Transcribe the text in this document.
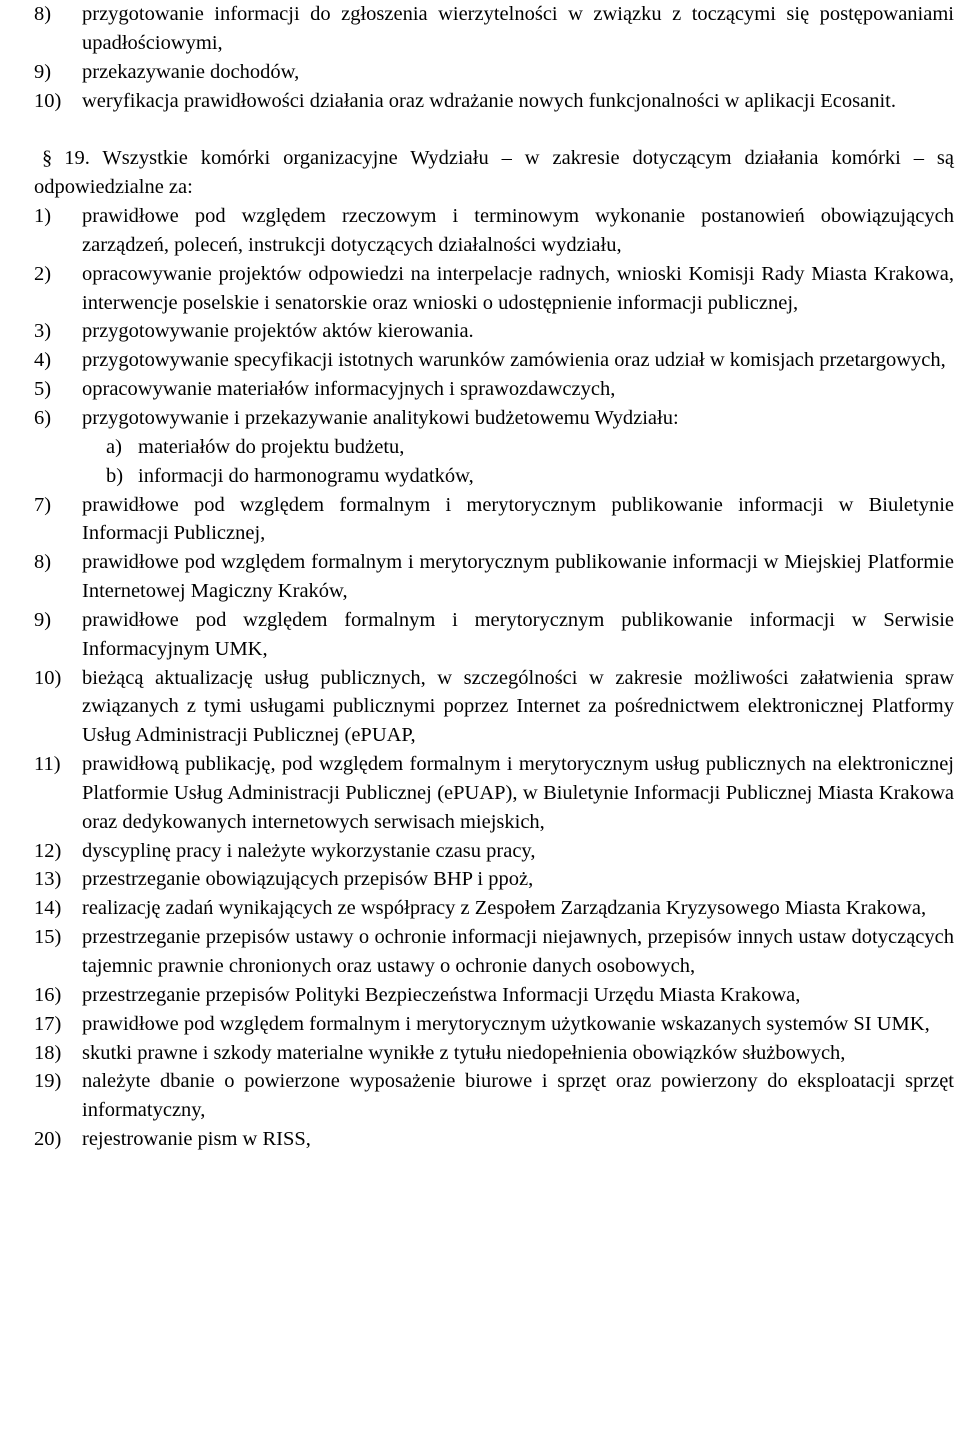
8)	przygotowanie informacji do zgłoszenia wierzytelności w związku z toczącymi się postępowaniami upadłościowymi,
9)	przekazywanie dochodów,
10)	weryfikacja prawidłowości działania oraz wdrażanie nowych funkcjonalności w aplikacji Ecosanit.
§ 19. Wszystkie komórki organizacyjne Wydziału – w zakresie dotyczącym działania komórki – są odpowiedzialne za:
1)	prawidłowe pod względem rzeczowym i terminowym wykonanie postanowień obowiązujących zarządzeń, poleceń, instrukcji dotyczących działalności wydziału,
2)	opracowywanie projektów odpowiedzi na interpelacje radnych, wnioski Komisji Rady Miasta Krakowa, interwencje poselskie i senatorskie oraz wnioski o udostępnienie informacji publicznej,
3)	przygotowywanie projektów aktów kierowania.
4)	przygotowywanie specyfikacji istotnych warunków zamówienia oraz udział w komisjach przetargowych,
5)	opracowywanie materiałów informacyjnych i sprawozdawczych,
6)	przygotowywanie i przekazywanie analitykowi budżetowemu Wydziału:
a) materiałów do projektu budżetu,
b) informacji do harmonogramu wydatków,
7)	prawidłowe pod względem formalnym i merytorycznym publikowanie informacji w Biuletynie Informacji Publicznej,
8)	prawidłowe pod względem formalnym i merytorycznym publikowanie informacji w Miejskiej Platformie Internetowej Magiczny Kraków,
9)	prawidłowe pod względem formalnym i merytorycznym publikowanie informacji w Serwisie Informacyjnym UMK,
10)	bieżącą aktualizację usług publicznych, w szczególności w zakresie możliwości załatwienia spraw związanych z tymi usługami publicznymi poprzez Internet za pośrednictwem elektronicznej Platformy Usług Administracji Publicznej (ePUAP,
11)	prawidłową publikację, pod względem formalnym i merytorycznym usług publicznych na elektronicznej Platformie Usług Administracji Publicznej (ePUAP), w Biuletynie Informacji Publicznej Miasta Krakowa oraz dedykowanych internetowych serwisach miejskich,
12)	dyscyplinę pracy i należyte wykorzystanie czasu pracy,
13)	przestrzeganie obowiązujących przepisów BHP i ppoż,
14)	realizację zadań wynikających ze współpracy z Zespołem Zarządzania Kryzysowego Miasta Krakowa,
15)	przestrzeganie przepisów ustawy o ochronie informacji niejawnych, przepisów innych ustaw dotyczących tajemnic prawnie chronionych oraz ustawy o ochronie danych osobowych,
16)	przestrzeganie przepisów Polityki Bezpieczeństwa Informacji Urzędu Miasta Krakowa,
17)	prawidłowe pod względem formalnym i merytorycznym użytkowanie wskazanych systemów SI UMK,
18)	skutki prawne i szkody materialne wynikłe z tytułu niedopełnienia obowiązków służbowych,
19)	należyte dbanie o powierzone wyposażenie biurowe i sprzęt oraz powierzony do eksploatacji sprzęt informatyczny,
20)	rejestrowanie pism w RISS,
